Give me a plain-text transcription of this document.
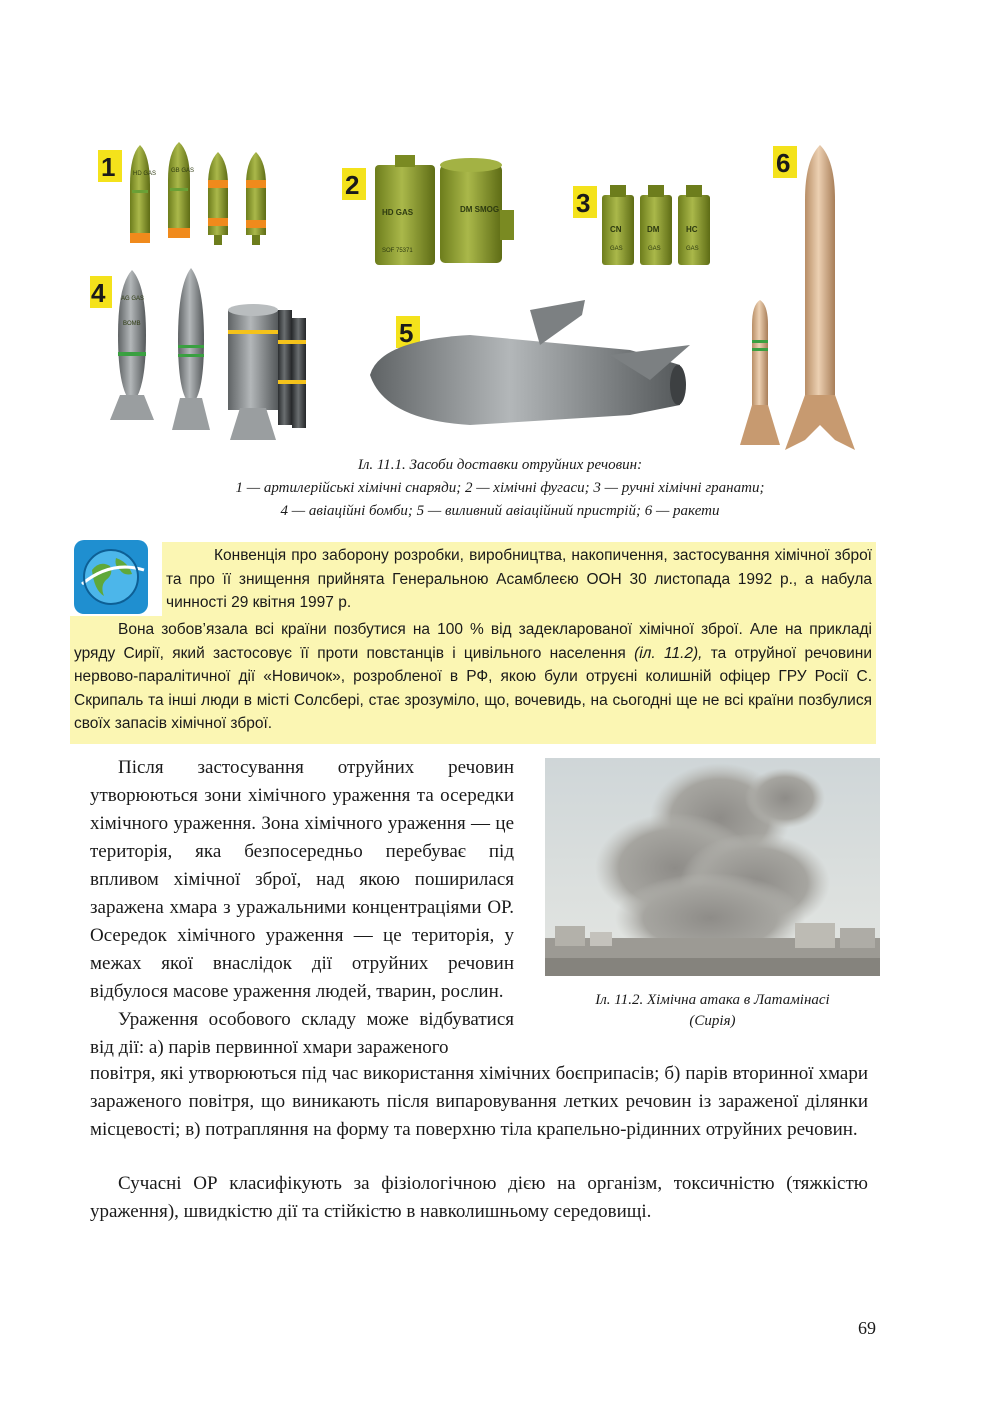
1	HD GAS GB GAS	2
HD GAS
SOF 75371
DM SMOG	3
CN
GAS
DM
GAS
HC
GAS
4	AG GAS
BOMB	5
6
Іл. 11.1. Засоби доставки отруйних речовин:
1 — артилерійські хімічні снаряди; 2 — хімічні фугаси; 3 — ручні хімічні гранати;
4 — авіаційні бомби; 5 — виливний авіаційний пристрій; 6 — ракети
Конвенція про заборону розробки, виробництва, накопичення, застосування хімічної зброї та про її знищення прийнята Генеральною Асамблеєю ООН 30 листопада 1992 р., а набула чинності 29 квітня 1997 р.
Вона зобов’язала всі країни позбутися на 100 % від задекларованої хімічної зброї. Але на прикладі уряду Сирії, який застосовує її проти повстанців і цивільного населення (іл. 11.2), та отруйної речовини нервово-паралітичної дії «Новичок», розробленої в РФ, якою були отруєні колишній офіцер ГРУ Росії С. Скрипаль та інші люди в місті Солсбері, стає зрозуміло, що, вочевидь, на сьогодні ще не всі країни позбулися своїх запасів хімічної зброї.

Після застосування отруйних речовин утворюються зони хімічного ураження та осередки хімічного ураження. Зона хімічного ураження — це територія, яка безпосередньо перебуває під впливом хімічної зброї, над якою поширилася заражена хмара з уражальними концентраціями ОР. Осередок хімічного ураження — це територія, у межах якої внаслідок дії отруйних речовин відбулося масове ураження людей, тварин, рослин.

Ураження особового складу може відбуватися від дії: а) парів первинної хмари зараженого

Іл. 11.2. Хімічна атака в Латамінасі
(Сирія)
повітря, які утворюються під час використання хімічних боєприпасів; б) парів вторинної хмари зараженого повітря, що виникають після випаровування летких речовин із зараженої ділянки місцевості; в) потрапляння на форму та поверхню тіла крапельно-рідинних отруйних речовин.

Сучасні ОР класифікують за фізіологічною дією на організм, токсичністю (тяжкістю ураження), швидкістю дії та стійкістю в навколишньому середовищі.

69
